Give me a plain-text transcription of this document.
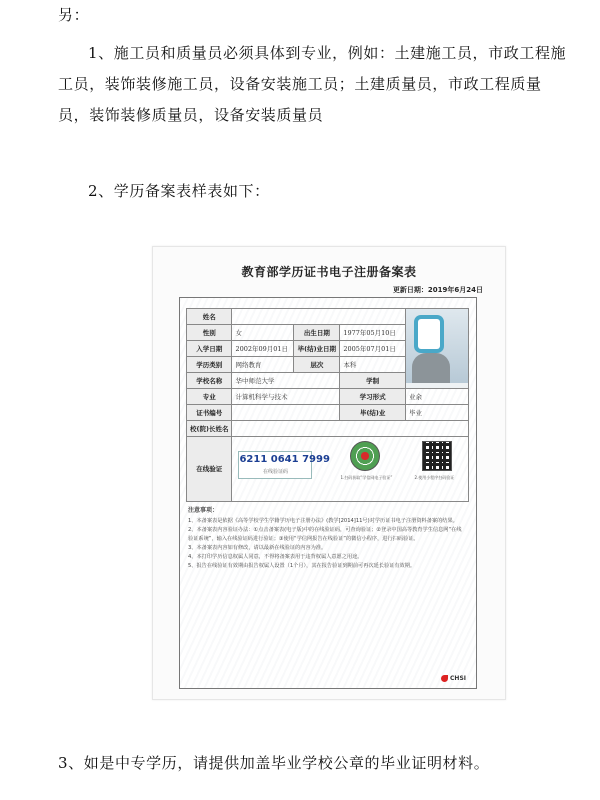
另：
1、施工员和质量员必须具体到专业，例如：土建施工员，市政工程施工员，装饰装修施工员，设备安装施工员；土建质量员，市政工程质量员，装饰装修质量员，设备安装质量员
2、学历备案表样表如下：
教育部学历证书电子注册备案表
更新日期：2019年6月24日
姓名				

性别	女	出生日期	1977年05月10日	
入学日期	2002年09月01日	毕(结)业日期	2005年07月01日	
学历类别	网络教育	层次	本科	
学校名称	华中师范大学		学制	
专业	计算机科学与技术		学习形式	业余
证书编号			毕(结)业	毕业
校(院)长姓名				
在线验证	6211 0641 7999
在线验证码
1.扫码获取“学信网电子验证” 2.使用小程序扫码验证			
注意事项：
1、本备案表是依据《高等学校学生学籍学历电子注册办法》(教学[2014]11号)对学历证书电子注册资料备案的结果。
2、本备案表内容验证办法：①点击备案表(电子版)中的在线验证码，可查询验证；②登录中国高等教育学生信息网“在线验证系统”，输入在线验证码进行验证；③使用“学信网报告在线验证”的微信小程序，进行扫码验证。
3、本备案表内容如有修改，请以最新在线验证的内容为准。
4、本打印学历信息权属人同意，不得将备案表用于违背权属人意愿之用途。
5、报告在线验证有效期由报告权属人设置（1个月），其在报告验证到期前可再次延长验证有效期。
CHSI
3、如是中专学历，请提供加盖毕业学校公章的毕业证明材料。
